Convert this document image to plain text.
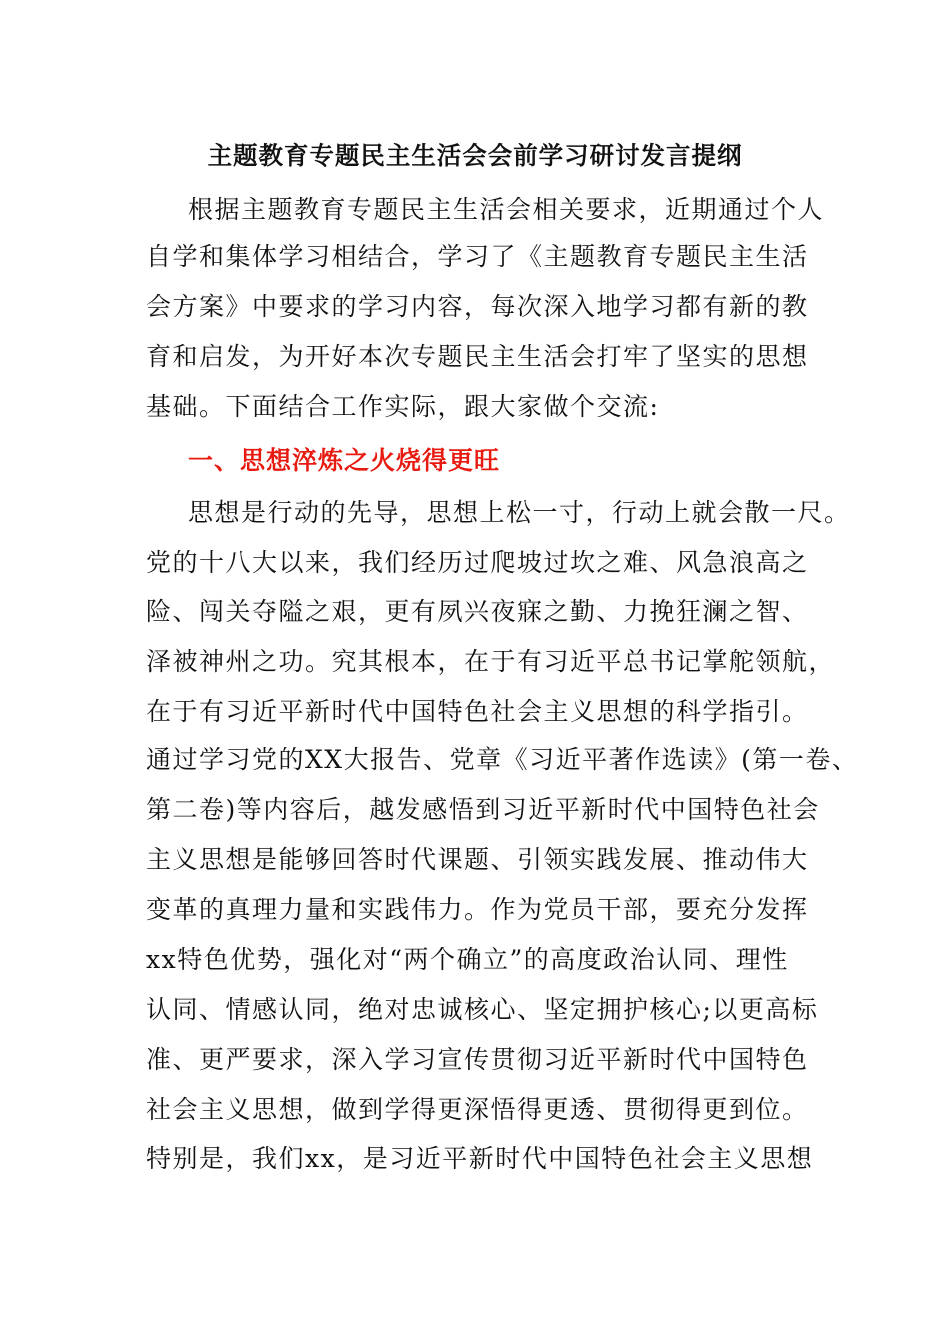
主题教育专题民主生活会会前学习研讨发言提纲
根据主题教育专题民主生活会相关要求，近期通过个人
自学和集体学习相结合，学习了《主题教育专题民主生活
会方案》中要求的学习内容，每次深入地学习都有新的教
育和启发，为开好本次专题民主生活会打牢了坚实的思想
基础。下面结合工作实际，跟大家做个交流:
一、思想淬炼之火烧得更旺
思想是行动的先导，思想上松一寸，行动上就会散一尺。
党的十八大以来，我们经历过爬坡过坎之难、风急浪高之
险、闯关夺隘之艰，更有夙兴夜寐之勤、力挽狂澜之智、
泽被神州之功。究其根本，在于有习近平总书记掌舵领航，
在于有习近平新时代中国特色社会主义思想的科学指引。
通过学习党的XX大报告、党章《习近平著作选读》(第一卷、
第二卷)等内容后，越发感悟到习近平新时代中国特色社会
主义思想是能够回答时代课题、引领实践发展、推动伟大
变革的真理力量和实践伟力。作为党员干部，要充分发挥
xx特色优势，强化对“两个确立”的高度政治认同、理性
认同、情感认同，绝对忠诚核心、坚定拥护核心;以更高标
准、更严要求，深入学习宣传贯彻习近平新时代中国特色
社会主义思想，做到学得更深悟得更透、贯彻得更到位。
特别是，我们xx，是习近平新时代中国特色社会主义思想
